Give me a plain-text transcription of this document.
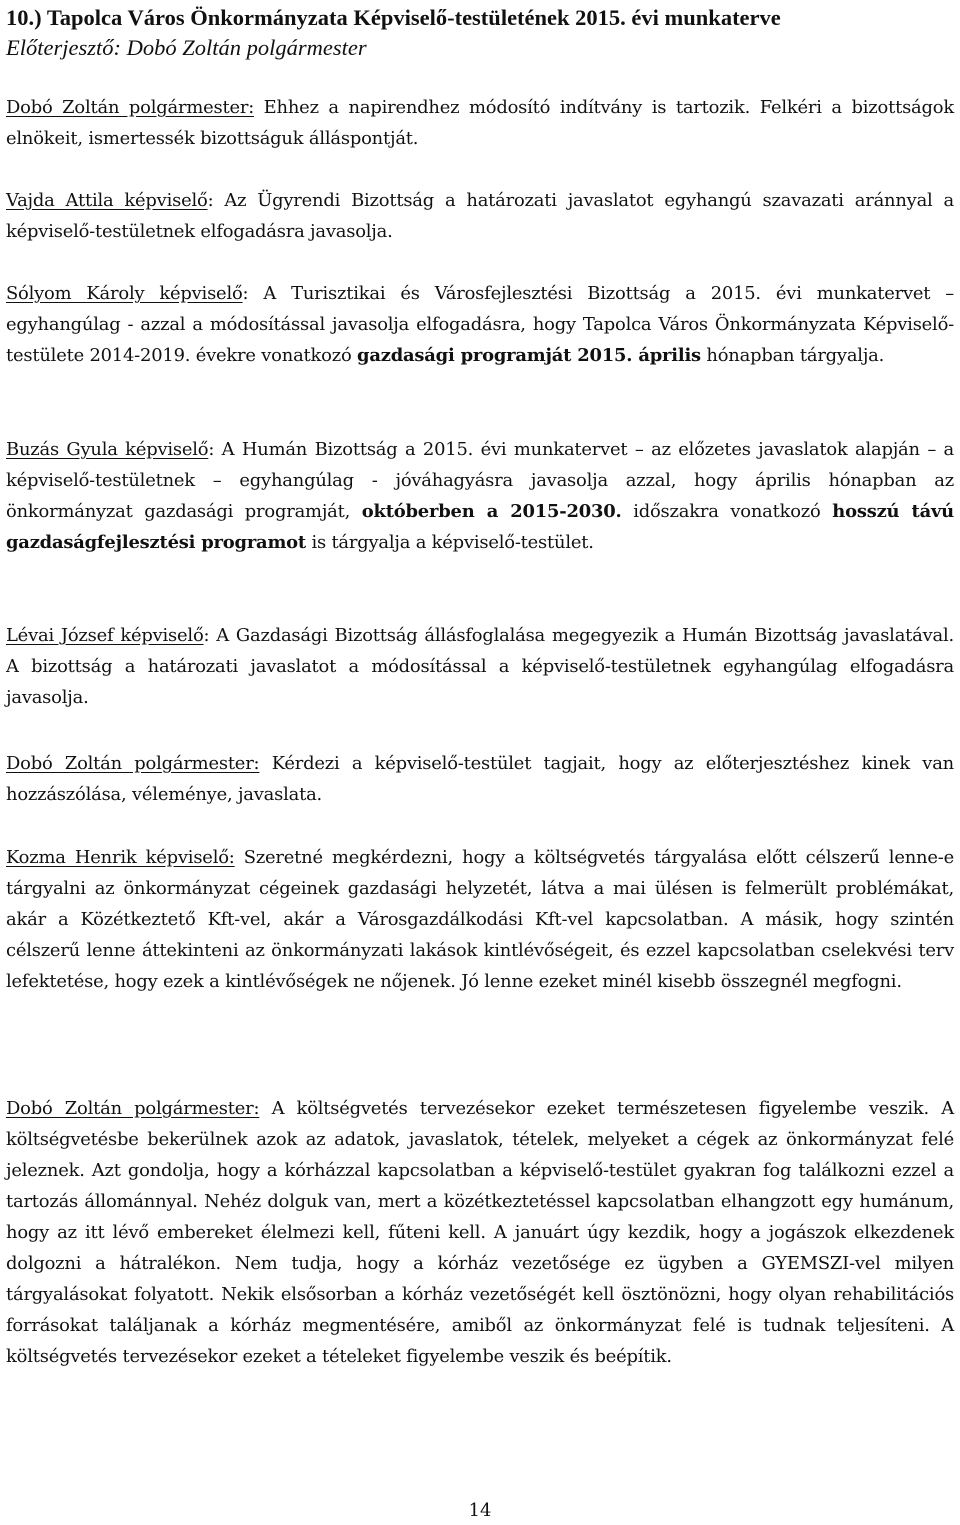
10.) Tapolca Város Önkormányzata Képviselő-testületének 2015. évi munkaterve

Előterjesztő: Dobó Zoltán polgármester

Dobó Zoltán polgármester: Ehhez a napirendhez módosító indítvány is tartozik. Felkéri a bizottságok elnökeit, ismertessék bizottságuk álláspontját.

Vajda Attila képviselő: Az Ügyrendi Bizottság a határozati javaslatot egyhangú szavazati aránnyal a képviselő-testületnek elfogadásra javasolja.

Sólyom Károly képviselő: A Turisztikai és Városfejlesztési Bizottság a 2015. évi munkatervet – egyhangúlag - azzal a módosítással javasolja elfogadásra, hogy Tapolca Város Önkormányzata Képviselő-testülete 2014-2019. évekre vonatkozó gazdasági programját 2015. április hónapban tárgyalja.

Buzás Gyula képviselő: A Humán Bizottság a 2015. évi munkatervet – az előzetes javaslatok alapján – a képviselő-testületnek – egyhangúlag - jóváhagyásra javasolja azzal, hogy április hónapban az önkormányzat gazdasági programját, októberben a 2015-2030. időszakra vonatkozó hosszú távú gazdaságfejlesztési programot is tárgyalja a képviselő-testület.

Lévai József képviselő: A Gazdasági Bizottság állásfoglalása megegyezik a Humán Bizottság javaslatával. A bizottság a határozati javaslatot a módosítással a képviselő-testületnek egyhangúlag elfogadásra javasolja.

Dobó Zoltán polgármester: Kérdezi a képviselő-testület tagjait, hogy az előterjesztéshez kinek van hozzászólása, véleménye, javaslata.

Kozma Henrik képviselő: Szeretné megkérdezni, hogy a költségvetés tárgyalása előtt célszerű lenne-e tárgyalni az önkormányzat cégeinek gazdasági helyzetét, látva a mai ülésen is felmerült problémákat, akár a Közétkeztető Kft-vel, akár a Városgazdálkodási Kft-vel kapcsolatban. A másik, hogy szintén célszerű lenne áttekinteni az önkormányzati lakások kintlévőségeit, és ezzel kapcsolatban cselekvési terv lefektetése, hogy ezek a kintlévőségek ne nőjenek. Jó lenne ezeket minél kisebb összegnél megfogni.

Dobó Zoltán polgármester: A költségvetés tervezésekor ezeket természetesen figyelembe veszik. A költségvetésbe bekerülnek azok az adatok, javaslatok, tételek, melyeket a cégek az önkormányzat felé jeleznek. Azt gondolja, hogy a kórházzal kapcsolatban a képviselő-testület gyakran fog találkozni ezzel a tartozás állománnyal. Nehéz dolguk van, mert a közétkeztetéssel kapcsolatban elhangzott egy humánum, hogy az itt lévő embereket élelmezi kell, fűteni kell. A januárt úgy kezdik, hogy a jogászok elkezdenek dolgozni a hátralékon. Nem tudja, hogy a kórház vezetősége ez ügyben a GYEMSZI-vel milyen tárgyalásokat folyatott. Nekik elsősorban a kórház vezetőségét kell ösztönözni, hogy olyan rehabilitációs forrásokat találjanak a kórház megmentésére, amiből az önkormányzat felé is tudnak teljesíteni. A költségvetés tervezésekor ezeket a tételeket figyelembe veszik és beépítik.

14
